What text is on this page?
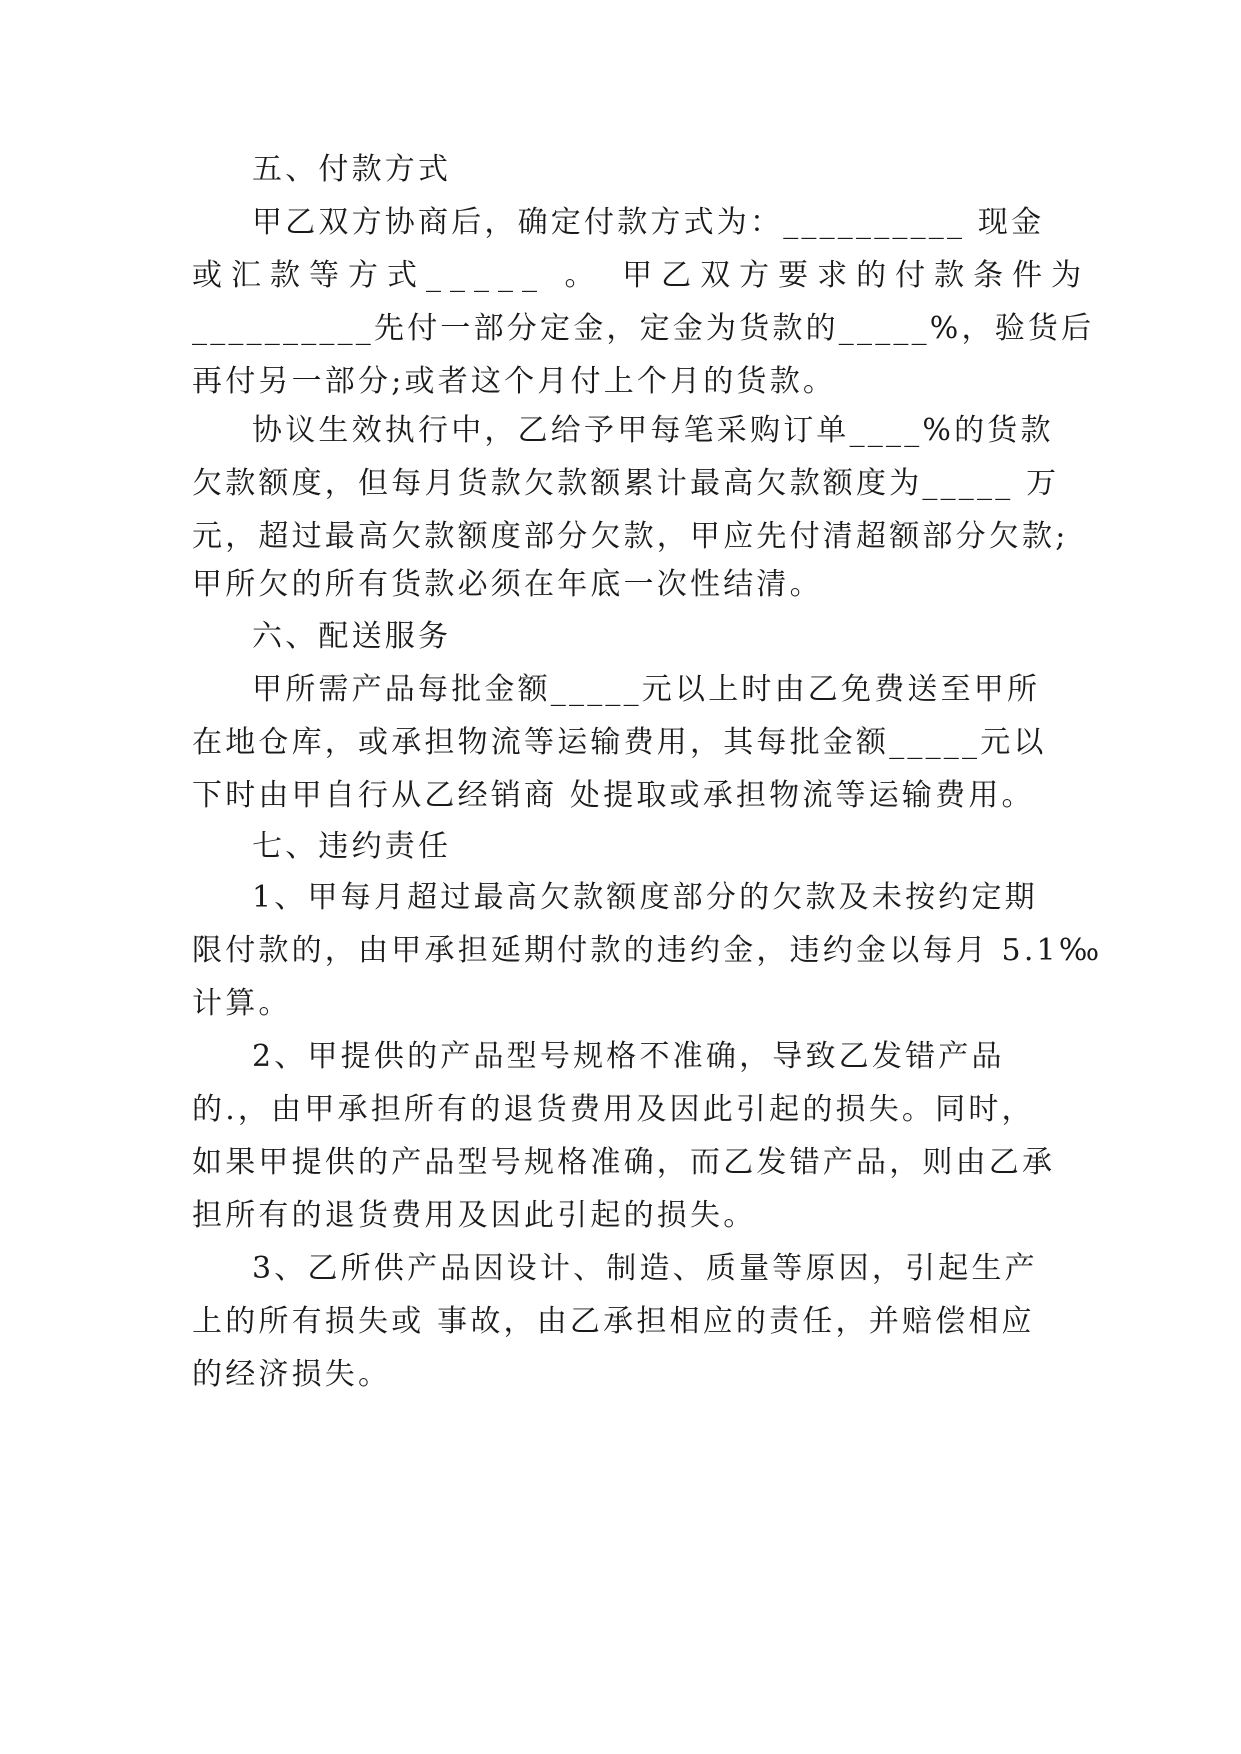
五、付款方式
甲乙双方协商后，确定付款方式为：__________ 现金
或汇款等方式_____ 。 甲乙双方要求的付款条件为
__________先付一部分定金，定金为货款的_____%，验货后
再付另一部分;或者这个月付上个月的货款。
协议生效执行中，乙给予甲每笔采购订单____%的货款
欠款额度，但每月货款欠款额累计最高欠款额度为_____ 万
元，超过最高欠款额度部分欠款，甲应先付清超额部分欠款;
甲所欠的所有货款必须在年底一次性结清。
六、配送服务
甲所需产品每批金额_____元以上时由乙免费送至甲所
在地仓库，或承担物流等运输费用，其每批金额_____元以
下时由甲自行从乙经销商 处提取或承担物流等运输费用。
七、违约责任
1、甲每月超过最高欠款额度部分的欠款及未按约定期
限付款的，由甲承担延期付款的违约金，违约金以每月 5.1‰
计算。
2、甲提供的产品型号规格不准确，导致乙发错产品
的.，由甲承担所有的退货费用及因此引起的损失。同时，
如果甲提供的产品型号规格准确，而乙发错产品，则由乙承
担所有的退货费用及因此引起的损失。
3、乙所供产品因设计、制造、质量等原因，引起生产
上的所有损失或 事故，由乙承担相应的责任，并赔偿相应
的经济损失。
